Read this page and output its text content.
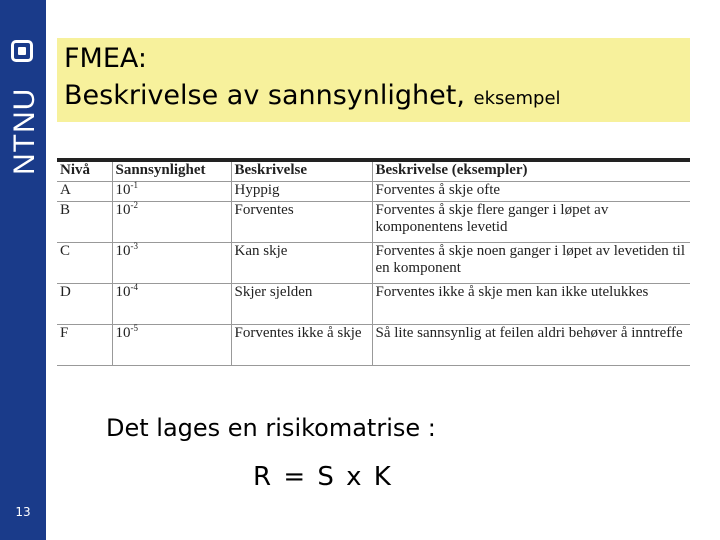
NTNU
13
FMEA:
Beskrivelse av sannsynlighet, eksempel
Nivå	Sannsynlighet	Beskrivelse	Beskrivelse (eksempler)
A	$10^{-1}$	Hyppig	Forventes å skje ofte
B	$10^{-2}$	Forventes	Forventes å skje flere ganger i løpet av komponentens levetid
C	$10^{-3}$	Kan skje	Forventes å skje noen ganger i løpet av levetiden til en komponent
D	$10^{-4}$	Skjer sjelden	Forventes ikke å skje men kan ikke utelukkes
F	$10^{-5}$	Forventes ikke å skje	Så lite sannsynlig at feilen aldri behøver å inntreffe
Det lages en risikomatrise :
R = S x K
